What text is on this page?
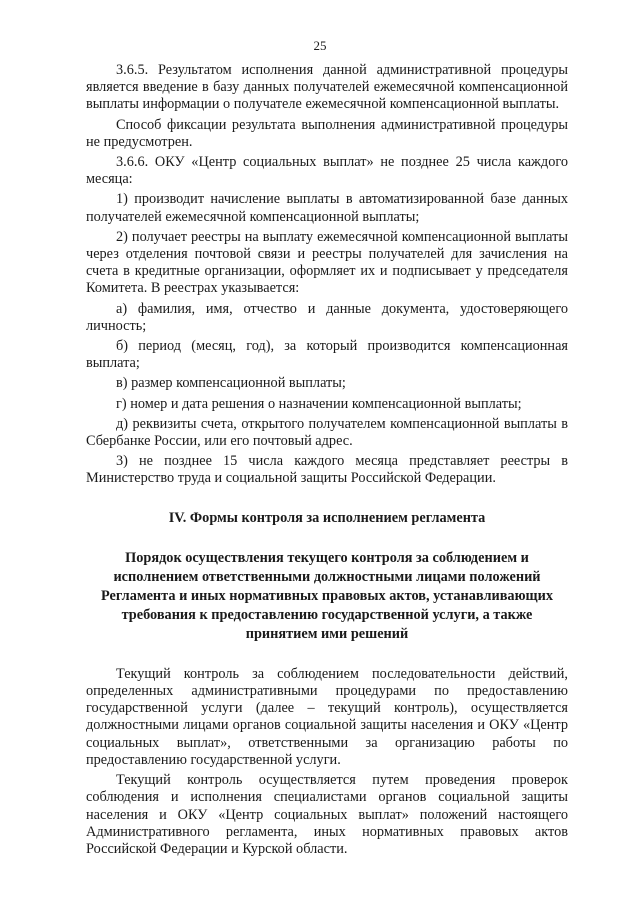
25

3.6.5. Результатом исполнения данной административной процедуры является введение в базу данных получателей ежемесячной компенсационной выплаты информации о получателе ежемесячной компенсационной выплаты.

Способ фиксации результата выполнения административной процедуры не предусмотрен.

3.6.6. ОКУ «Центр социальных выплат» не позднее 25 числа каждого месяца:

1) производит начисление выплаты в автоматизированной базе данных получателей ежемесячной компенсационной выплаты;

2) получает реестры на выплату ежемесячной компенсационной выплаты через отделения почтовой связи и реестры получателей для зачисления на счета в кредитные организации, оформляет их и подписывает у председателя Комитета. В реестрах указывается:

а) фамилия, имя, отчество и данные документа, удостоверяющего личность;

б) период (месяц, год), за который производится компенсационная выплата;

в) размер компенсационной выплаты;

г) номер и дата решения о назначении компенсационной выплаты;

д) реквизиты счета, открытого получателем компенсационной выплаты в Сбербанке России, или его почтовый адрес.

3) не позднее 15 числа каждого месяца представляет реестры в Министерство труда и социальной защиты Российской Федерации.

IV. Формы контроля за исполнением регламента
Порядок осуществления текущего контроля за соблюдением и исполнением ответственными должностными лицами положений Регламента и иных нормативных правовых актов, устанавливающих требования к предоставлению государственной услуги, а также принятием ими решений

Текущий контроль за соблюдением последовательности действий, определенных административными процедурами по предоставлению государственной услуги (далее – текущий контроль), осуществляется должностными лицами органов социальной защиты населения и ОКУ «Центр социальных выплат», ответственными за организацию работы по предоставлению государственной услуги.

Текущий контроль осуществляется путем проведения проверок соблюдения и исполнения специалистами органов социальной защиты населения и ОКУ «Центр социальных выплат» положений настоящего Административного регламента, иных нормативных правовых актов Российской Федерации и Курской области.
